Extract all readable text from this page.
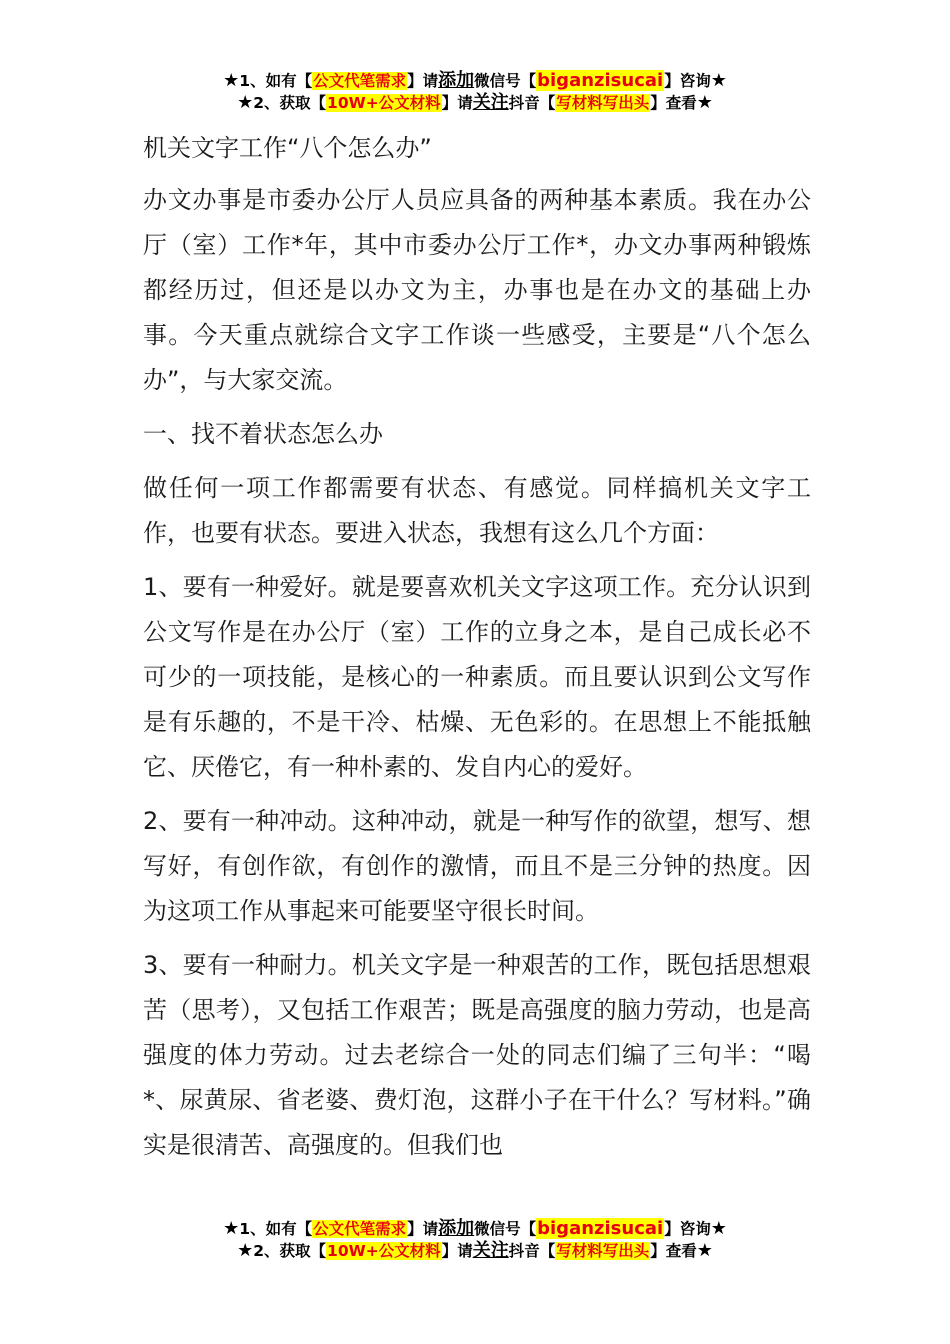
★1、如有【公文代笔需求】请添加微信号【biganzisucai】咨询★
★2、获取【10W+公文材料】请关注抖音【写材料写出头】查看★
机关文字工作“八个怎么办”

办文办事是市委办公厅人员应具备的两种基本素质。我在办公厅（室）工作*年，其中市委办公厅工作*，办文办事两种锻炼都经历过，但还是以办文为主，办事也是在办文的基础上办事。今天重点就综合文字工作谈一些感受，主要是“八个怎么办”，与大家交流。

一、找不着状态怎么办

做任何一项工作都需要有状态、有感觉。同样搞机关文字工作，也要有状态。要进入状态，我想有这么几个方面：

1、要有一种爱好。就是要喜欢机关文字这项工作。充分认识到公文写作是在办公厅（室）工作的立身之本，是自己成长必不可少的一项技能，是核心的一种素质。而且要认识到公文写作是有乐趣的，不是干冷、枯燥、无色彩的。在思想上不能抵触它、厌倦它，有一种朴素的、发自内心的爱好。

2、要有一种冲动。这种冲动，就是一种写作的欲望，想写、想写好，有创作欲，有创作的激情，而且不是三分钟的热度。因为这项工作从事起来可能要坚守很长时间。

3、要有一种耐力。机关文字是一种艰苦的工作，既包括思想艰苦（思考），又包括工作艰苦；既是高强度的脑力劳动，也是高强度的体力劳动。过去老综合一处的同志们编了三句半：“喝*、尿黄尿、省老婆、费灯泡，这群小子在干什么？写材料。”确实是很清苦、高强度的。但我们也

★1、如有【公文代笔需求】请添加微信号【biganzisucai】咨询★
★2、获取【10W+公文材料】请关注抖音【写材料写出头】查看★
